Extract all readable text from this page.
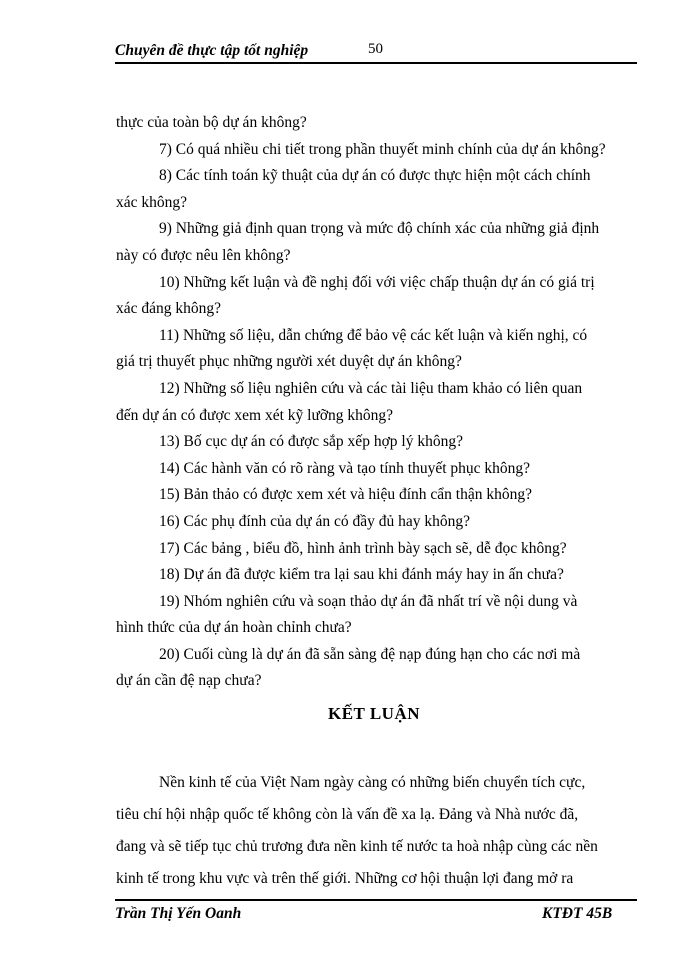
Chuyên đề thực tập tốt nghiệp	50
thực của toàn bộ dự án không?
7) Có quá nhiều chi tiết trong phần thuyết minh chính của dự án không?
8) Các tính toán kỹ thuật của dự án có được thực hiện một cách chính
xác không?
9) Những giả định quan trọng và mức độ chính xác của những giả định
này có được nêu lên không?
10) Những kết luận và đề nghị đối với việc chấp thuận dự án có giá trị
xác đáng không?
11) Những số liệu, dẫn chứng để bảo vệ các kết luận và kiến nghị, có
giá trị thuyết phục những người xét duyệt dự án không?
12) Những số liệu nghiên cứu và các tài liệu tham khảo có liên quan
đến dự án có được xem xét kỹ lưỡng không?
13) Bố cục dự án có được sắp xếp hợp lý không?
14) Các hành văn có rõ ràng và tạo tính thuyết phục không?
15) Bản thảo có được xem xét và hiệu đính cẩn thận không?
16) Các phụ đính của dự án có đầy đủ hay không?
17) Các bảng , biểu đồ, hình ảnh trình bày sạch sẽ, dễ đọc không?
18) Dự án đã được kiểm tra lại sau khi đánh máy hay in ấn chưa?
19) Nhóm nghiên cứu và soạn thảo dự án đã nhất trí về nội dung và
hình thức của dự án hoàn chỉnh chưa?
20) Cuối cùng là dự án đã sẵn sàng đệ nạp đúng hạn cho các nơi mà
dự án cần đệ nạp chưa?
KẾT LUẬN
Nền kinh tế của Việt Nam ngày càng có những biến chuyển tích cực,
tiêu chí hội nhập quốc tế không còn là vấn đề xa lạ. Đảng và Nhà nước đã,
đang và sẽ tiếp tục chủ trương đưa nền kinh tế nước ta hoà nhập cùng các nền
kinh tế trong khu vực và trên thế giới. Những cơ hội thuận lợi đang mở ra
Trần Thị Yến Oanh	KTĐT 45B
